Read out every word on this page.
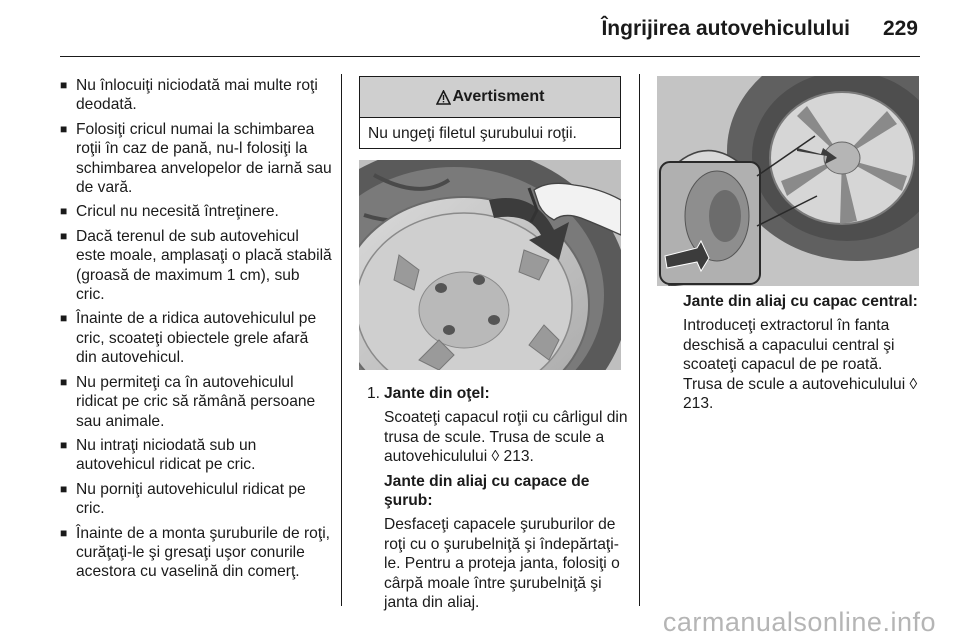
Îngrijirea autovehiculului 229
■ Nu înlocuiţi niciodată mai multe roţi deodată.
■ Folosiţi cricul numai la schimbarea roţii în caz de pană, nu-l folosiţi la schimbarea anvelopelor de iarnă sau de vară.
■ Cricul nu necesită întreţinere.
■ Dacă terenul de sub autovehicul este moale, amplasaţi o placă stabilă (groasă de maximum 1 cm), sub cric.
■ Înainte de a ridica autovehiculul pe cric, scoateţi obiectele grele afară din autovehicul.
■ Nu permiteţi ca în autovehiculul ridicat pe cric să rămână persoane sau animale.
■ Nu intraţi niciodată sub un autovehicul ridicat pe cric.
■ Nu porniţi autovehiculul ridicat pe cric.
■ Înainte de a monta şuruburile de roţi, curăţaţi-le şi gresaţi uşor conurile acestora cu vaselină din comerţ.
Avertisment
Nu ungeţi filetul şurubului roţii.
1. Jante din oţel:

Scoateţi capacul roţii cu cârligul din trusa de scule. Trusa de scule a autovehiculului ◊ 213.

Jante din aliaj cu capace de şurub:

Desfaceţi capacele şuruburilor de roţi cu o şurubelniţă şi îndepărtaţi-le. Pentru a proteja janta, folosiţi o cârpă moale între şurubelniţă şi janta din aliaj.

Jante din aliaj cu capac central:

Introduceţi extractorul în fanta deschisă a capacului central şi scoateţi capacul de pe roată. Trusa de scule a autovehiculului ◊ 213.

carmanualsonline.info
